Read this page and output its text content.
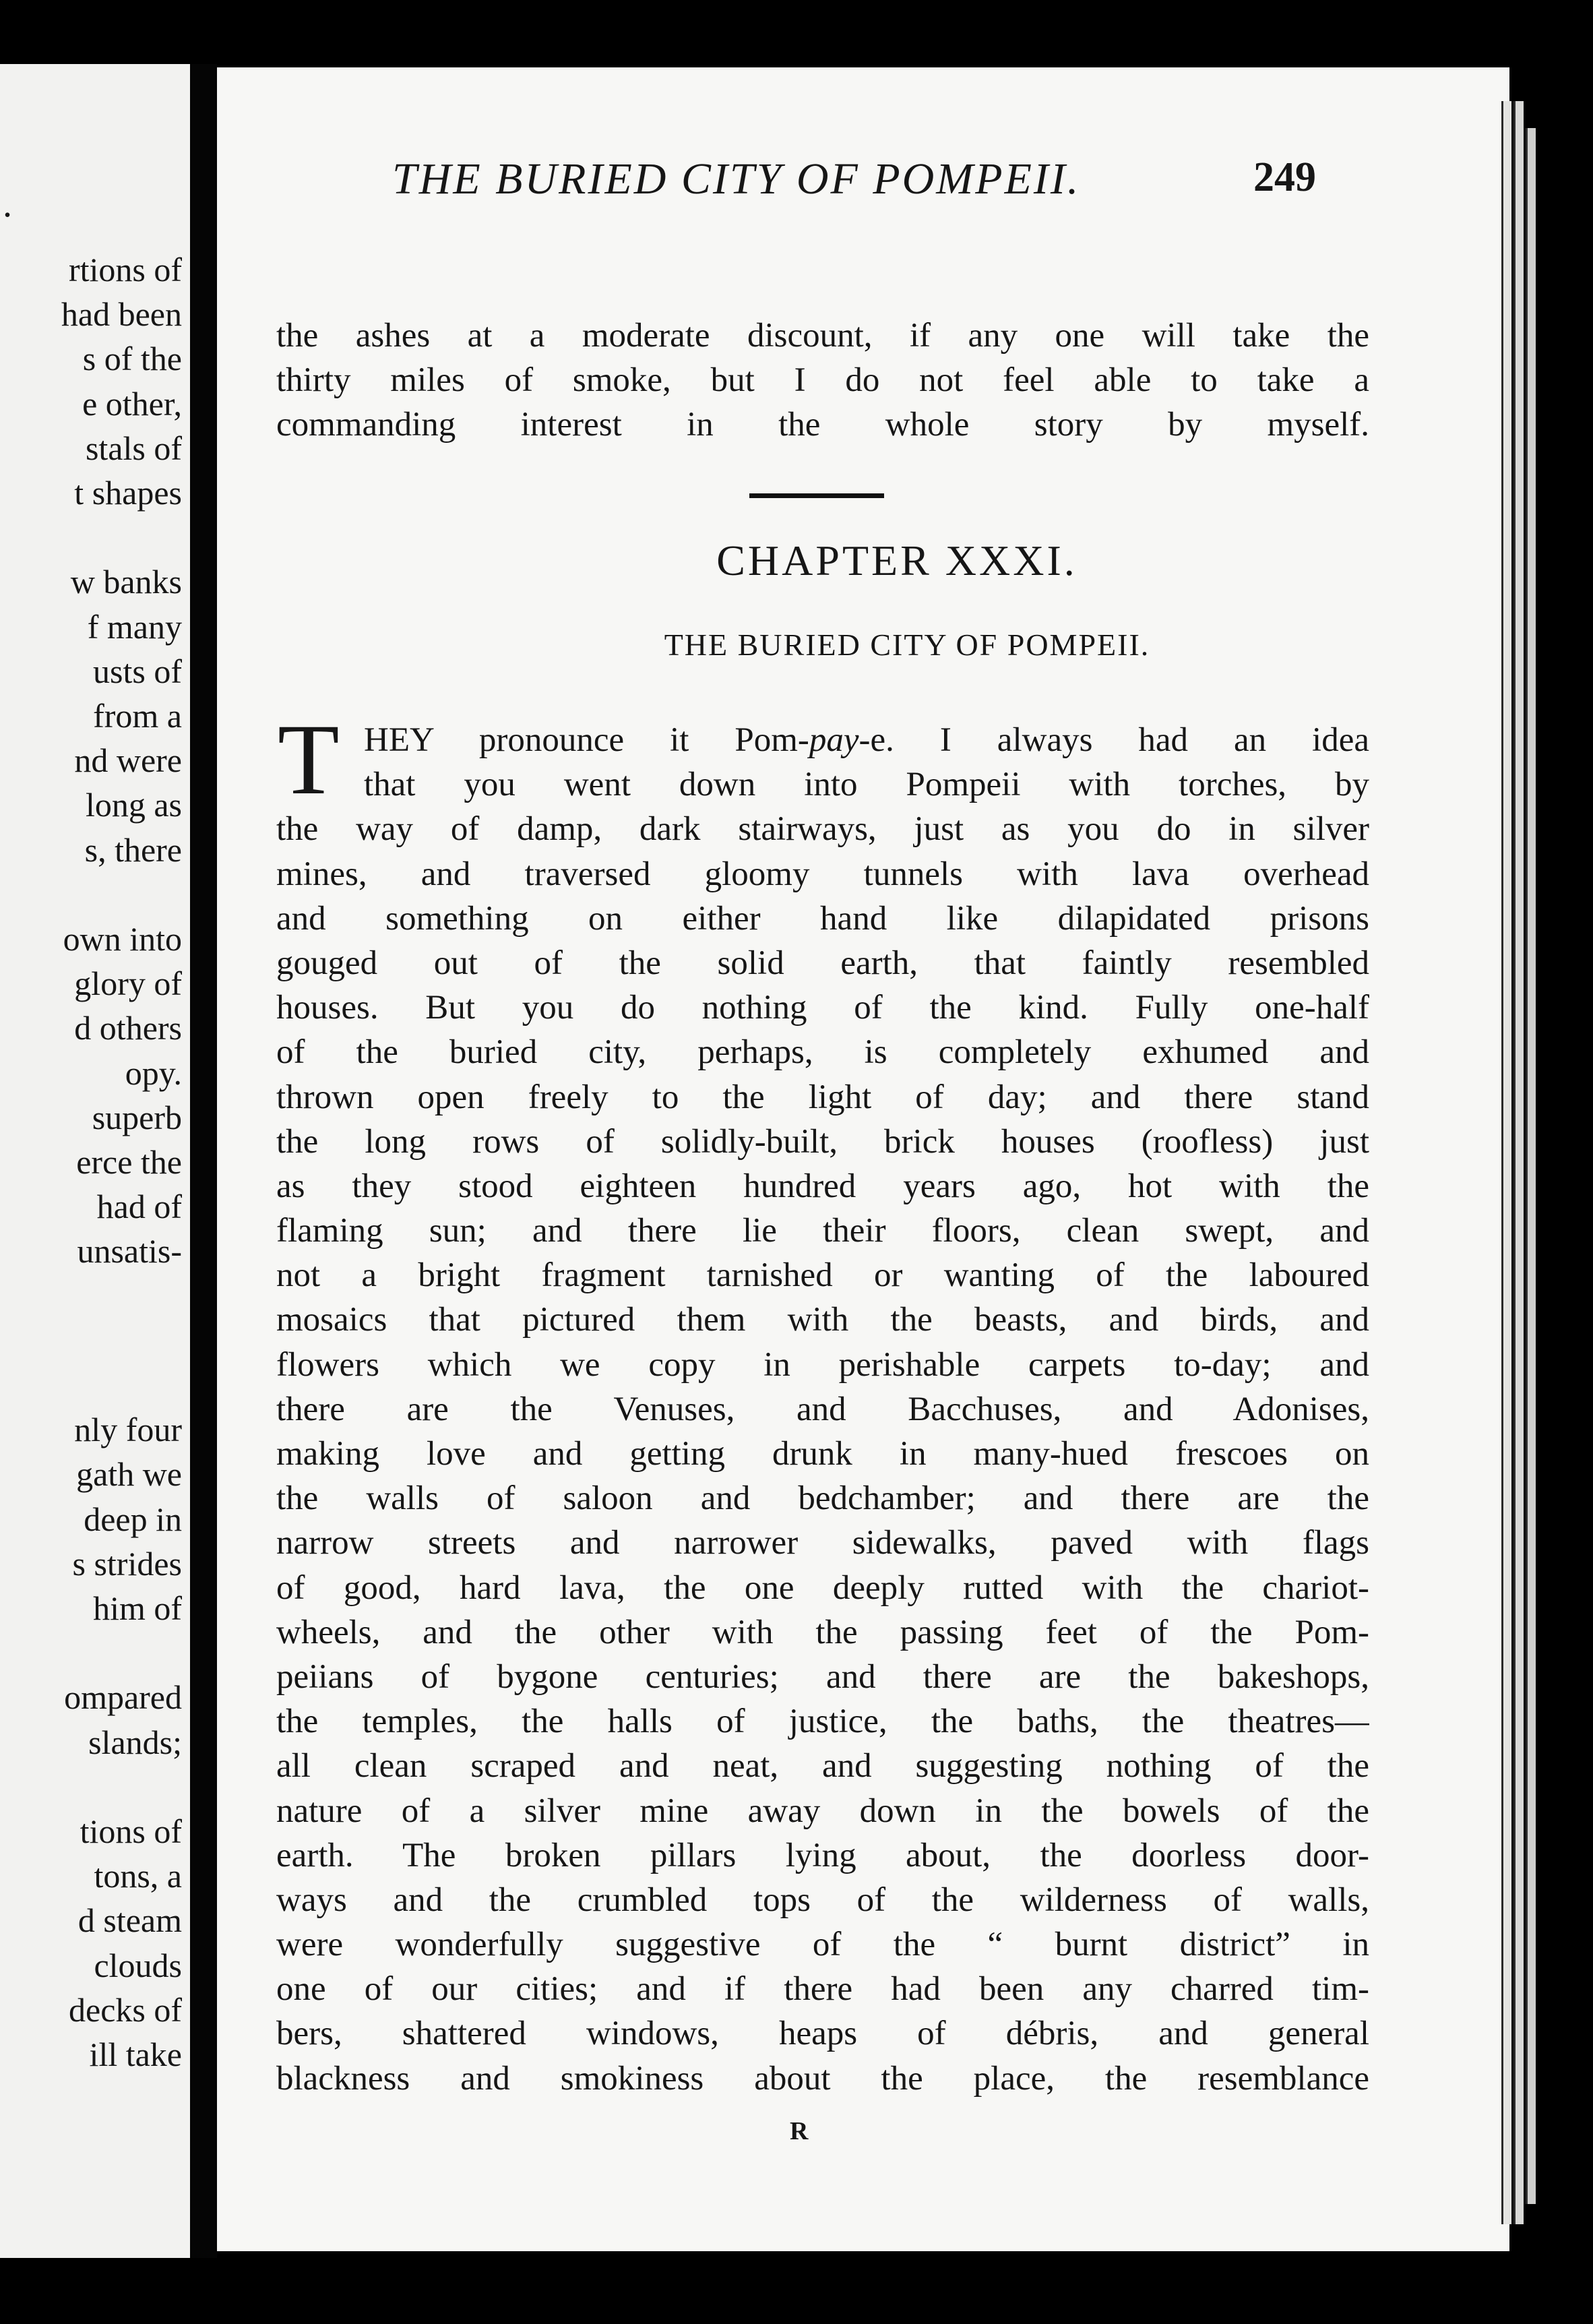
.
rtions of
had been
s of the
e other,
stals of
t shapes
w banks
f many
usts of
from a
nd were
long as
s, there
own into
glory of
d others
opy.
superb
erce the
had of
unsatis-
nly four
gath we
deep in
s strides
him of
ompared
slands;
tions of
tons, a
d steam
clouds
decks of
ill take
THE BURIED CITY OF POMPEII.	249
the ashes at a moderate discount, if any one will take the
thirty miles of smoke, but I do not feel able to take a
commanding interest in the whole story by myself.
CHAPTER XXXI.
THE BURIED CITY OF POMPEII.
T HEY pronounce it Pom-pay-e. I always had an idea
that you went down into Pompeii with torches, by
the way of damp, dark stairways, just as you do in silver
mines, and traversed gloomy tunnels with lava overhead
and something on either hand like dilapidated prisons
gouged out of the solid earth, that faintly resembled
houses. But you do nothing of the kind. Fully one-half
of the buried city, perhaps, is completely exhumed and
thrown open freely to the light of day; and there stand
the long rows of solidly-built, brick houses (roofless) just
as they stood eighteen hundred years ago, hot with the
flaming sun; and there lie their floors, clean swept, and
not a bright fragment tarnished or wanting of the laboured
mosaics that pictured them with the beasts, and birds, and
flowers which we copy in perishable carpets to-day; and
there are the Venuses, and Bacchuses, and Adonises,
making love and getting drunk in many-hued frescoes on
the walls of saloon and bedchamber; and there are the
narrow streets and narrower sidewalks, paved with flags
of good, hard lava, the one deeply rutted with the chariot-
wheels, and the other with the passing feet of the Pom-
peiians of bygone centuries; and there are the bakeshops,
the temples, the halls of justice, the baths, the theatres—
all clean scraped and neat, and suggesting nothing of the
nature of a silver mine away down in the bowels of the
earth. The broken pillars lying about, the doorless door-
ways and the crumbled tops of the wilderness of walls,
were wonderfully suggestive of the “ burnt district” in
one of our cities; and if there had been any charred tim-
bers, shattered windows, heaps of débris, and general
blackness and smokiness about the place, the resemblance
R
